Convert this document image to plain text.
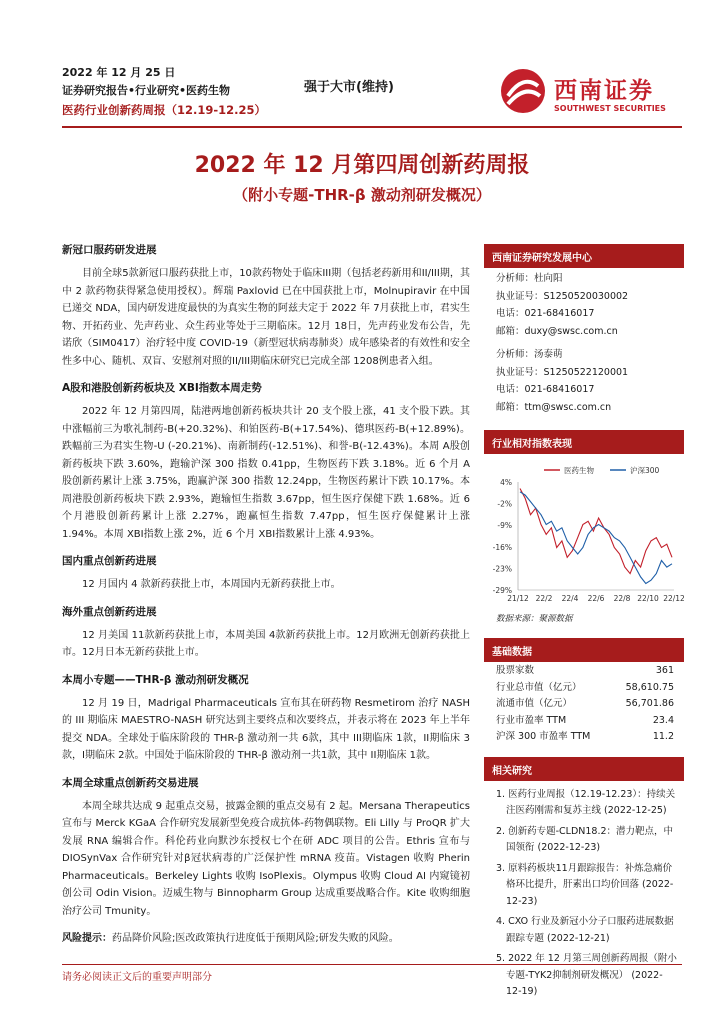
2022 年 12 月 25 日
证券研究报告•行业研究•医药生物
医药行业创新药周报（12.19-12.25）
强于大市(维持)	西南证券
SOUTHWEST SECURITIES
2022 年 12 月第四周创新药周报
（附小专题-THR-β 激动剂研发概况）
新冠口服药研发进展

目前全球5款新冠口服药获批上市，10款药物处于临床III期（包括老药新用和II/III期，其中 2 款药物获得紧急使用授权）。辉瑞 Paxlovid 已在中国获批上市，Molnupiravir 在中国已递交 NDA，国内研发进度最快的为真实生物的阿兹夫定于 2022 年 7月获批上市，君实生物、开拓药业、先声药业、众生药业等处于三期临床。12月 18日，先声药业发布公告，先诺欣（SIM0417）治疗轻中度 COVID-19（新型冠状病毒肺炎）成年感染者的有效性和安全性多中心、随机、双盲、安慰剂对照的II/III期临床研究已完成全部 1208例患者入组。

A股和港股创新药板块及 XBI指数本周走势

2022 年 12 月第四周，陆港两地创新药板块共计 20 支个股上涨，41 支个股下跌。其中涨幅前三为歌礼制药-B(+20.32%)、和铂医药-B(+17.54%)、德琪医药-B(+12.89%)。跌幅前三为君实生物-U (-20.21%)、南新制药(-12.51%)、和誉-B(-12.43%)。本周 A股创新药板块下跌 3.60%，跑输沪深 300 指数 0.41pp，生物医药下跌 3.18%。近 6 个月 A 股创新药累计上涨 3.75%，跑赢沪深 300 指数 12.24pp，生物医药累计下跌 10.17%。本周港股创新药板块下跌 2.93%，跑输恒生指数 3.67pp，恒生医疗保健下跌 1.68%。近 6 个月港股创新药累计上涨 2.27%，跑赢恒生指数 7.47pp，恒生医疗保健累计上涨 1.94%。本周 XBI指数上涨 2%，近 6 个月 XBI指数累计上涨 4.93%。

国内重点创新药进展

12 月国内 4 款新药获批上市，本周国内无新药获批上市。

海外重点创新药进展

12 月美国 11款新药获批上市，本周美国 4款新药获批上市。12月欧洲无创新药获批上市。12月日本无新药获批上市。

本周小专题——THR-β 激动剂研发概况

12 月 19 日，Madrigal Pharmaceuticals 宣布其在研药物 Resmetirom 治疗 NASH 的 III 期临床 MAESTRO-NASH 研究达到主要终点和次要终点，并表示将在 2023 年上半年提交 NDA。全球处于临床阶段的 THR-β 激动剂一共 6款，其中 III期临床 1款，II期临床 3款，I期临床 2款。中国处于临床阶段的 THR-β 激动剂一共1款，其中 II期临床 1款。

本周全球重点创新药交易进展

本周全球共达成 9 起重点交易，披露金额的重点交易有 2 起。Mersana Therapeutics 宣布与 Merck KGaA 合作研究发展新型免疫合成抗体-药物偶联物。Eli Lilly 与 ProQR 扩大发展 RNA 编辑合作。科伦药业向默沙东授权七个在研 ADC 项目的公告。Ethris 宣布与 DIOSynVax 合作研究针对β冠状病毒的广泛保护性 mRNA 疫苗。Vistagen 收购 Pherin Pharmaceuticals。Berkeley Lights 收购 IsoPlexis。Olympus 收购 Cloud AI 内窥镜初创公司 Odin Vision。迈威生物与 Binnopharm Group 达成重要战略合作。Kite 收购细胞治疗公司 Tmunity。

风险提示：药品降价风险;医改政策执行进度低于预期风险;研发失败的风险。
西南证券研究发展中心
分析师：杜向阳
执业证号：S1250520030002
电话：021-68416017
邮箱：duxy@swsc.com.cn
分析师：汤泰萌
执业证号：S1250522120001
电话：021-68416017
邮箱：ttm@swsc.com.cn
行业相对指数表现
4%
-2%
-9%
-16%
-23%
-29%
21/12 22/2 22/4 22/6 22/8 22/10 22/12
医药生物	沪深300
数据来源：聚源数据
基础数据
股票家数	361
行业总市值（亿元）	58,610.75
流通市值（亿元）	56,701.86
行业市盈率 TTM	23.4
沪深 300 市盈率 TTM	11.2
相关研究
1. 医药行业周报（12.19-12.23）：持续关注医药刚需和复苏主线 (2022-12-25)
2. 创新药专题-CLDN18.2：潜力靶点，中国领衔 (2022-12-23)
3. 原料药板块11月跟踪报告：补炼急痛价格环比提升，肝素出口均价回落 (2022-12-23)
4. CXO 行业及新冠小分子口服药进展数据跟踪专题 (2022-12-21)
5. 2022 年 12 月第三周创新药周报（附小专题-TYK2抑制剂研发概况） (2022-12-19)
请务必阅读正文后的重要声明部分
